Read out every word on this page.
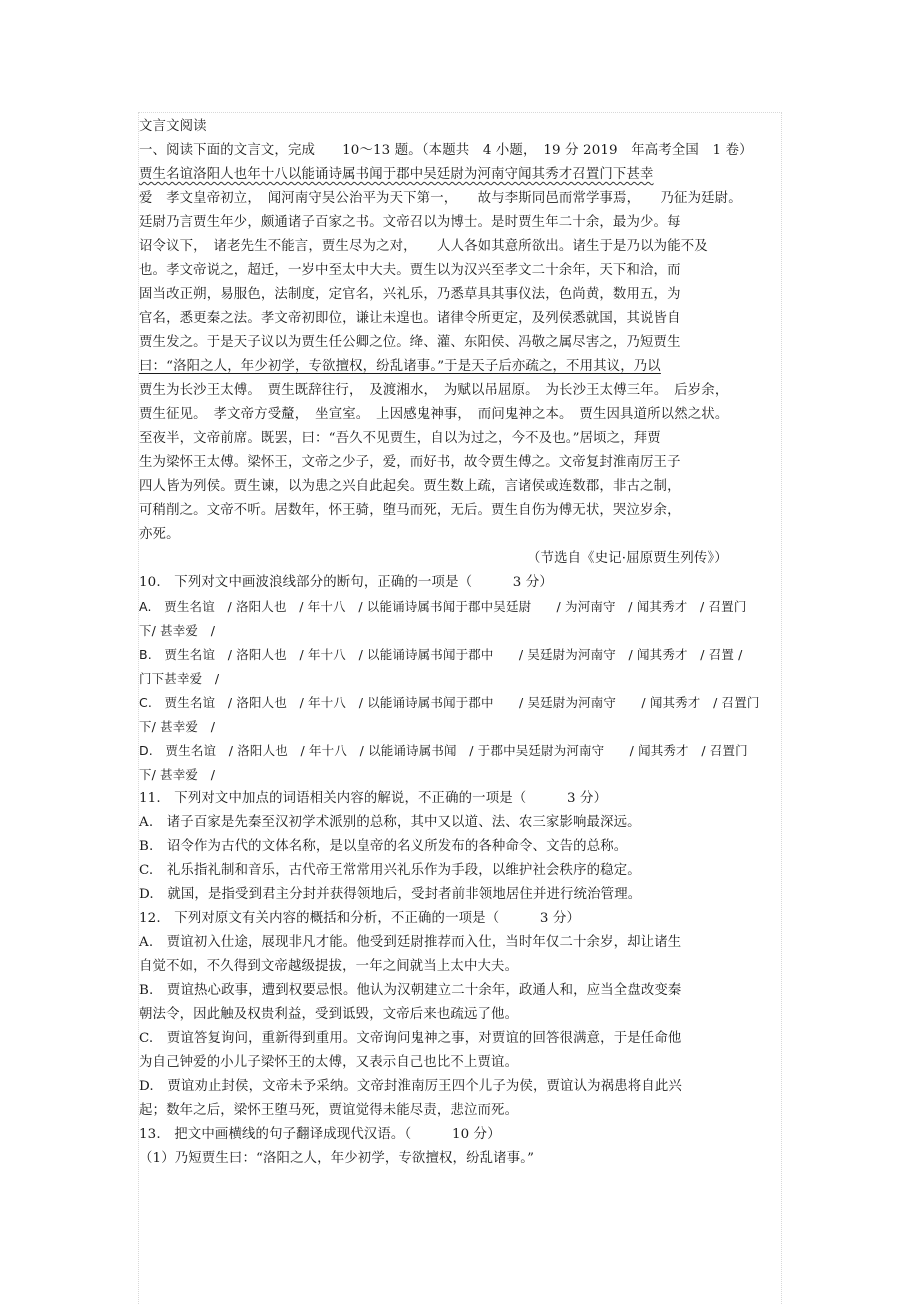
文言文阅读
一、阅读下面的文言文，完成　　10～13 题。（本题共　4 小题，　19 分 2019　年高考全国　1 卷）
贾生名谊洛阳人也年十八以能诵诗属书闻于郡中吴廷尉为河南守闻其秀才召置门下甚幸
爱　孝文皇帝初立，　闻河南守吴公治平为天下第一，　　故与李斯同邑而常学事焉，　　乃征为廷尉。
廷尉乃言贾生年少，颇通诸子百家之书。文帝召以为博士。是时贾生年二十余，最为少。每
诏令议下，　诸老先生不能言，贾生尽为之对，　　人人各如其意所欲出。诸生于是乃以为能不及
也。孝文帝说之，超迁，一岁中至太中大夫。贾生以为汉兴至孝文二十余年，天下和洽，而
固当改正朔，易服色，法制度，定官名，兴礼乐，乃悉草具其事仪法，色尚黄，数用五，为
官名，悉更秦之法。孝文帝初即位，谦让未遑也。诸律令所更定，及列侯悉就国，其说皆自
贾生发之。于是天子议以为贾生任公卿之位。绛、灌、东阳侯、冯敬之属尽害之，乃短贾生
曰：“洛阳之人，年少初学，专欲擅权，纷乱诸事。”于是天子后亦疏之，不用其议，乃以
贾生为长沙王太傅。　贾生既辞往行，　及渡湘水，　为赋以吊屈原。　为长沙王太傅三年。　后岁余，
贾生征见。　孝文帝方受釐，　坐宣室。　上因感鬼神事，　而问鬼神之本。　贾生因具道所以然之状。
至夜半，文帝前席。既罢，曰：“吾久不见贾生，自以为过之，今不及也。”居顷之，拜贾
生为梁怀王太傅。梁怀王，文帝之少子，爱，而好书，故令贾生傅之。文帝复封淮南厉王子
四人皆为列侯。贾生谏，以为患之兴自此起矣。贾生数上疏，言诸侯或连数郡，非古之制，
可稍削之。文帝不听。居数年，怀王骑，堕马而死，无后。贾生自伤为傅无状，哭泣岁余，
亦死。
（节选自《史记·屈原贾生列传》）
10.　下列对文中画波浪线部分的断句，正确的一项是（　　　3 分）
A.　贾生名谊　/ 洛阳人也　/ 年十八　/ 以能诵诗属书闻于郡中吴廷尉　　/ 为河南守　/ 闻其秀才　/ 召置门
下/ 甚幸爱　/
B.　贾生名谊　/ 洛阳人也　/ 年十八　/ 以能诵诗属书闻于郡中　　/ 吴廷尉为河南守　/ 闻其秀才　/ 召置 /
门下甚幸爱　/
C.　贾生名谊　/ 洛阳人也　/ 年十八　/ 以能诵诗属书闻于郡中　　/ 吴廷尉为河南守　　/ 闻其秀才　/ 召置门
下/ 甚幸爱　/
D.　贾生名谊　/ 洛阳人也　/ 年十八　/ 以能诵诗属书闻　/ 于郡中吴廷尉为河南守　　/ 闻其秀才　/ 召置门
下/ 甚幸爱　/
11.　下列对文中加点的词语相关内容的解说，不正确的一项是（　　　3 分）
A.　诸子百家是先秦至汉初学术派别的总称，其中又以道、法、农三家影响最深远。
B.　诏令作为古代的文体名称，是以皇帝的名义所发布的各种命令、文告的总称。
C.　礼乐指礼制和音乐，古代帝王常常用兴礼乐作为手段，以维护社会秩序的稳定。
D.　就国，是指受到君主分封并获得领地后，受封者前非领地居住并进行统治管理。
12.　下列对原文有关内容的概括和分析，不正确的一项是（　　　3 分）
A.　贾谊初入仕途，展现非凡才能。他受到廷尉推荐而入仕，当时年仅二十余岁，却让诸生
自觉不如，不久得到文帝越级提拔，一年之间就当上太中大夫。
B.　贾谊热心政事，遭到权要忌恨。他认为汉朝建立二十余年，政通人和，应当全盘改变秦
朝法令，因此触及权贵利益，受到诋毁，文帝后来也疏远了他。
C.　贾谊答复询问，重新得到重用。文帝询问鬼神之事，对贾谊的回答很满意，于是任命他
为自己钟爱的小儿子梁怀王的太傅，又表示自己也比不上贾谊。
D.　贾谊劝止封侯，文帝未予采纳。文帝封淮南厉王四个儿子为侯，贾谊认为祸患将自此兴
起；数年之后，梁怀王堕马死，贾谊觉得未能尽责，悲泣而死。
13.　把文中画横线的句子翻译成现代汉语。（　　　10 分）
（1）乃短贾生曰：“洛阳之人，年少初学，专欲擅权，纷乱诸事。”
